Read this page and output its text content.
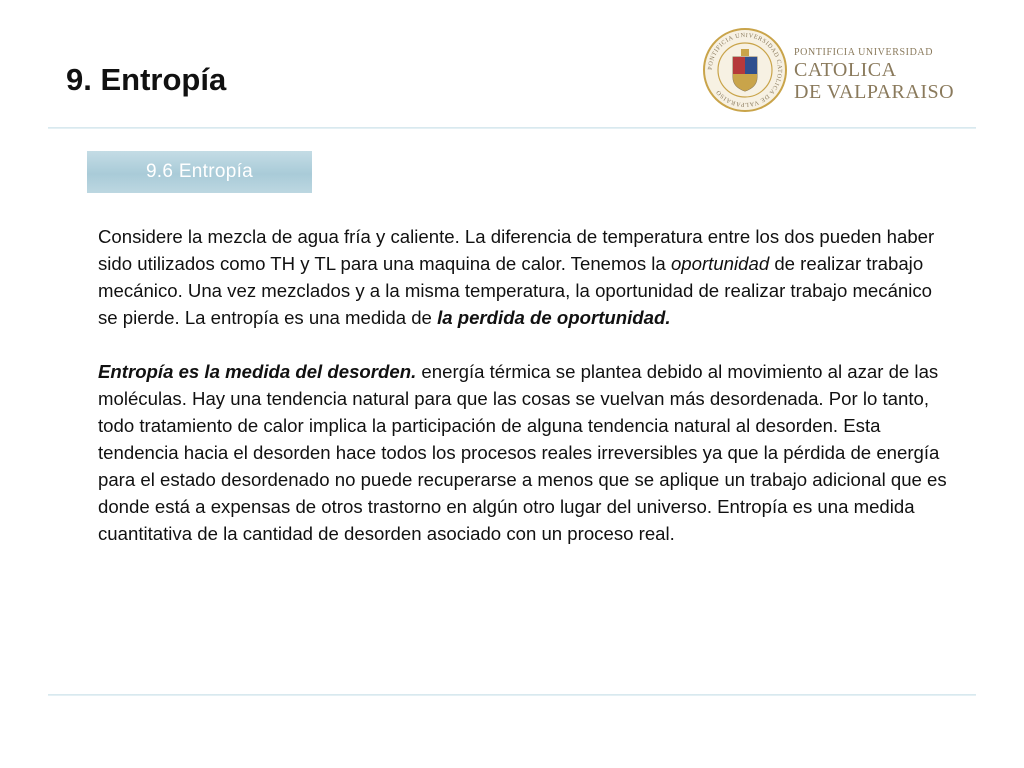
9. Entropía	PONTIFICIA UNIVERSIDAD CATOLICA DE VALPARAISO
PONTIFICIA UNIVERSIDAD
CATOLICA
DE VALPARAISO
9.6 Entropía

Considere la mezcla de agua fría y caliente. La diferencia de temperatura entre los dos pueden haber sido utilizados como TH y TL para una maquina de calor. Tenemos la oportunidad de realizar trabajo mecánico. Una vez mezclados y a la misma temperatura, la oportunidad de realizar trabajo mecánico se pierde. La entropía es una medida de la perdida de oportunidad.

Entropía es la medida del desorden. energía térmica se plantea debido al movimiento al azar de las moléculas. Hay una tendencia natural para que las cosas se vuelvan más desordenada. Por lo tanto, todo tratamiento de calor implica la participación de alguna tendencia natural al desorden. Esta tendencia hacia el desorden hace todos los procesos reales irreversibles ya que la pérdida de energía para el estado desordenado no puede recuperarse a menos que se aplique un trabajo adicional que es donde está a expensas de otros trastorno en algún otro lugar del universo. Entropía es una medida cuantitativa de la cantidad de desorden asociado con un proceso real.
